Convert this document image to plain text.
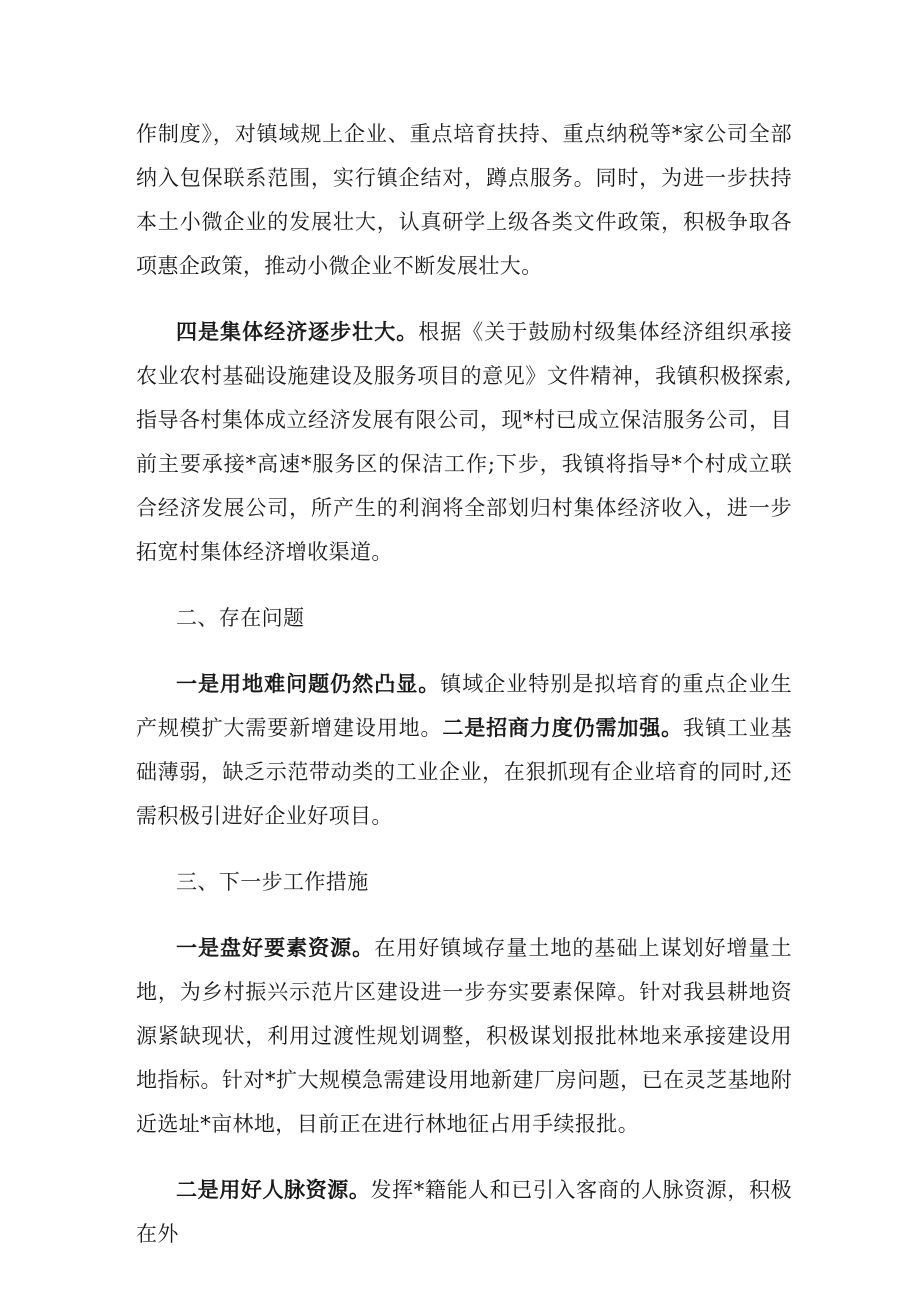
作制度》，对镇域规上企业、重点培育扶持、重点纳税等*家公司全部纳入包保联系范围，实行镇企结对，蹲点服务。同时，为进一步扶持本土小微企业的发展壮大，认真研学上级各类文件政策，积极争取各项惠企政策，推动小微企业不断发展壮大。

四是集体经济逐步壮大。根据《关于鼓励村级集体经济组织承接农业农村基础设施建设及服务项目的意见》文件精神，我镇积极探索,指导各村集体成立经济发展有限公司，现*村已成立保洁服务公司，目前主要承接*高速*服务区的保洁工作;下步，我镇将指导*个村成立联合经济发展公司，所产生的利润将全部划归村集体经济收入，进一步拓宽村集体经济增收渠道。

二、存在问题

一是用地难问题仍然凸显。镇域企业特别是拟培育的重点企业生产规模扩大需要新增建设用地。二是招商力度仍需加强。我镇工业基础薄弱，缺乏示范带动类的工业企业，在狠抓现有企业培育的同时,还需积极引进好企业好项目。

三、下一步工作措施

一是盘好要素资源。在用好镇域存量土地的基础上谋划好增量土地，为乡村振兴示范片区建设进一步夯实要素保障。针对我县耕地资源紧缺现状，利用过渡性规划调整，积极谋划报批林地来承接建设用地指标。针对*扩大规模急需建设用地新建厂房问题，已在灵芝基地附近选址*亩林地，目前正在进行林地征占用手续报批。

二是用好人脉资源。发挥*籍能人和已引入客商的人脉资源，积极在外
